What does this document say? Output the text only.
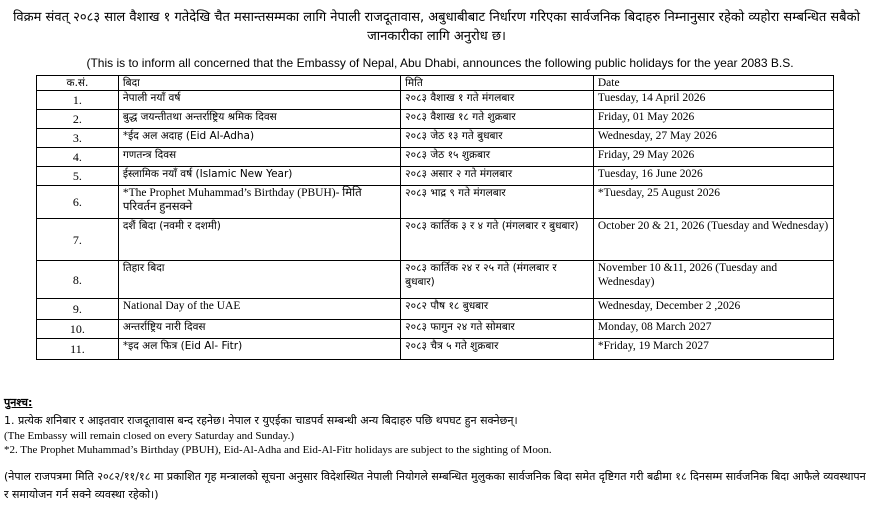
विक्रम संवत् २०८३ साल वैशाख १ गतेदेखि चैत मसान्तसम्मका लागि नेपाली राजदूतावास, अबुधाबीबाट निर्धारण गरिएका सार्वजनिक बिदाहरु निम्नानुसार रहेको व्यहोरा सम्बन्धित सबैको जानकारीका लागि अनुरोध छ।
(This is to inform all concerned that the Embassy of Nepal, Abu Dhabi, announces the following public holidays for the year 2083 B.S.
क.सं.	बिदा	मिति	Date
1.	नेपाली नयाँ वर्ष	२०८३ वैशाख १ गते मंगलबार	Tuesday, 14 April 2026
2.	बुद्ध जयन्तीतथा अन्तर्राष्ट्रिय श्रमिक दिवस	२०८३ वैशाख १८ गते शुक्रबार	Friday, 01 May 2026
3.	*ईद अल अदाह (Eid Al-Adha)	२०८३ जेठ १३ गते बुधबार	Wednesday, 27 May 2026
4.	गणतन्त्र दिवस	२०८३ जेठ १५ शुक्रबार	Friday, 29 May 2026
5.	ईस्लामिक नयाँ वर्ष (Islamic New Year)	२०८३ असार २ गते मंगलबार	Tuesday, 16 June 2026
6.	*The Prophet Muhammad’s Birthday (PBUH)- मिति परिवर्तन हुनसक्ने	२०८३ भाद्र ९ गते मंगलबार	*Tuesday, 25 August 2026
7.	दशैं बिदा (नवमी र दशमी)	२०८३ कार्तिक ३ र ४ गते (मंगलबार र बुधबार)	October 20 & 21, 2026 (Tuesday and Wednesday)
8.	तिहार बिदा	२०८३ कार्तिक २४ र २५ गते (मंगलबार र बुधबार)	November 10 &11, 2026 (Tuesday and Wednesday)
9.	National Day of the UAE	२०८२ पौष १८ बुधबार	Wednesday, December 2 ,2026
10.	अन्तर्राष्ट्रिय नारी दिवस	२०८३ फागुन २४ गते सोमबार	Monday, 08 March 2027
11.	*इद अल फित्र (Eid Al- Fitr)	२०८३ चैत्र ५ गते शुक्रबार	*Friday, 19 March 2027
पुनश्च:
1. प्रत्येक शनिबार र आइतवार राजदूतावास बन्द रहनेछ। नेपाल र युएईका चाडपर्व सम्बन्धी अन्य बिदाहरु पछि थपघट हुन सक्नेछन्।
(The Embassy will remain closed on every Saturday and Sunday.)
*2. The Prophet Muhammad’s Birthday (PBUH), Eid-Al-Adha and Eid-Al-Fitr holidays are subject to the sighting of Moon.
(नेपाल राजपत्रमा मिति २०८२/११/१८ मा प्रकाशित गृह मन्त्रालको सूचना अनुसार विदेशस्थित नेपाली नियोगले सम्बन्धित मुलुकका सार्वजनिक बिदा समेत दृष्टिगत गरी बढीमा १८ दिनसम्म सार्वजनिक बिदा आफैले व्यवस्थापन र समायोजन गर्न सक्ने व्यवस्था रहेको।)
